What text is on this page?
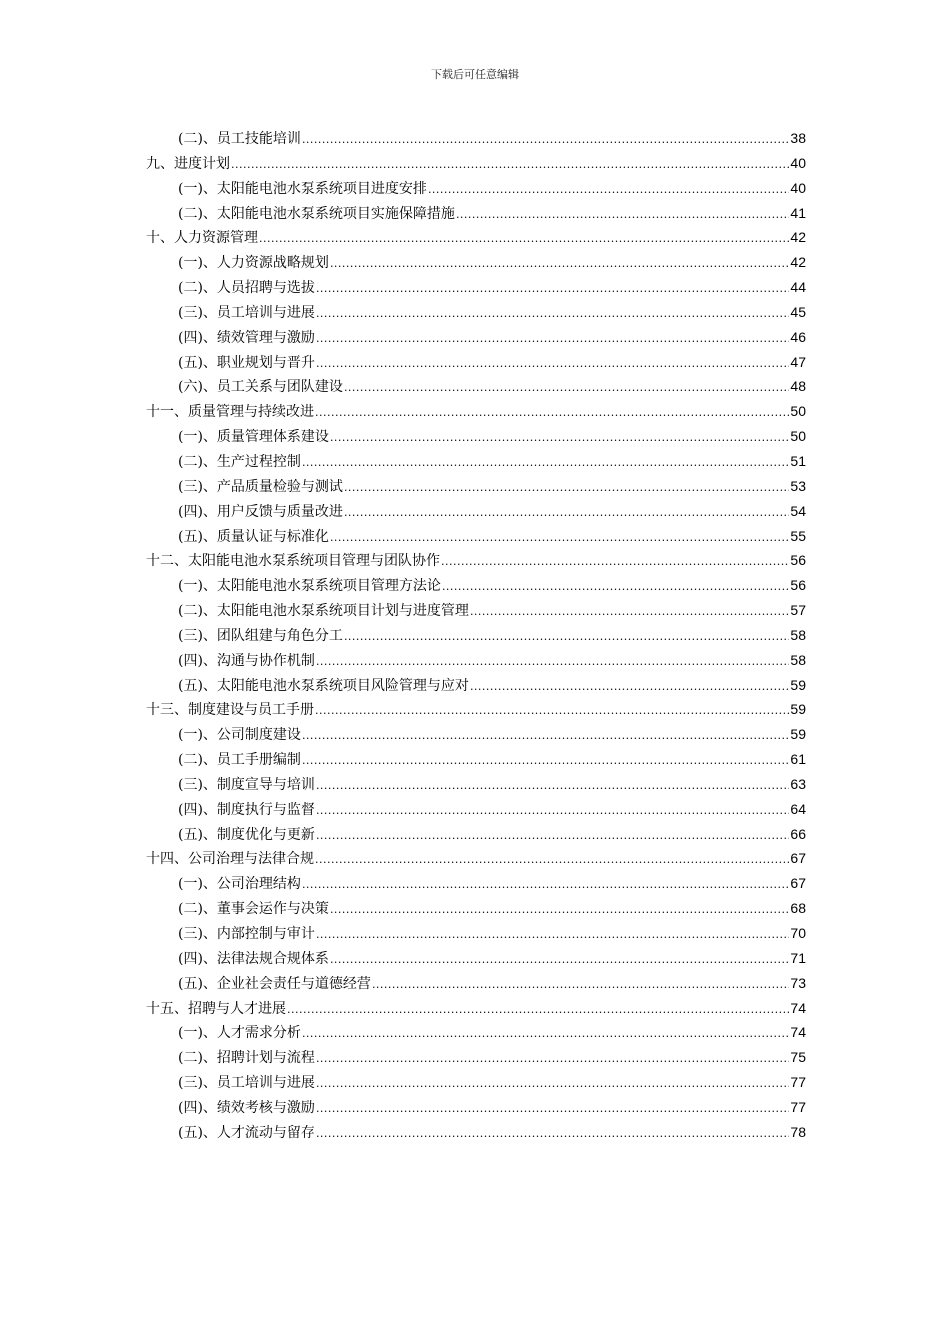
下载后可任意编辑
(二)、员工技能培训 .....	38
九、进度计划 .....	40
(一)、太阳能电池水泵系统项目进度安排 .....	40
(二)、太阳能电池水泵系统项目实施保障措施 .....	41
十、人力资源管理 .....	42
(一)、人力资源战略规划 .....	42
(二)、人员招聘与选拔 .....	44
(三)、员工培训与进展 .....	45
(四)、绩效管理与激励 .....	46
(五)、职业规划与晋升 .....	47
(六)、员工关系与团队建设 .....	48
十一、质量管理与持续改进 .....	50
(一)、质量管理体系建设 .....	50
(二)、生产过程控制 .....	51
(三)、产品质量检验与测试 .....	53
(四)、用户反馈与质量改进 .....	54
(五)、质量认证与标准化 .....	55
十二、太阳能电池水泵系统项目管理与团队协作 .....	56
(一)、太阳能电池水泵系统项目管理方法论 .....	56
(二)、太阳能电池水泵系统项目计划与进度管理 .....	57
(三)、团队组建与角色分工 .....	58
(四)、沟通与协作机制 .....	58
(五)、太阳能电池水泵系统项目风险管理与应对 .....	59
十三、制度建设与员工手册 .....	59
(一)、公司制度建设 .....	59
(二)、员工手册编制 .....	61
(三)、制度宣导与培训 .....	63
(四)、制度执行与监督 .....	64
(五)、制度优化与更新 .....	66
十四、公司治理与法律合规 .....	67
(一)、公司治理结构 .....	67
(二)、董事会运作与决策 .....	68
(三)、内部控制与审计 .....	70
(四)、法律法规合规体系 .....	71
(五)、企业社会责任与道德经营 .....	73
十五、招聘与人才进展 .....	74
(一)、人才需求分析 .....	74
(二)、招聘计划与流程 .....	75
(三)、员工培训与进展 .....	77
(四)、绩效考核与激励 .....	77
(五)、人才流动与留存 .....	78
